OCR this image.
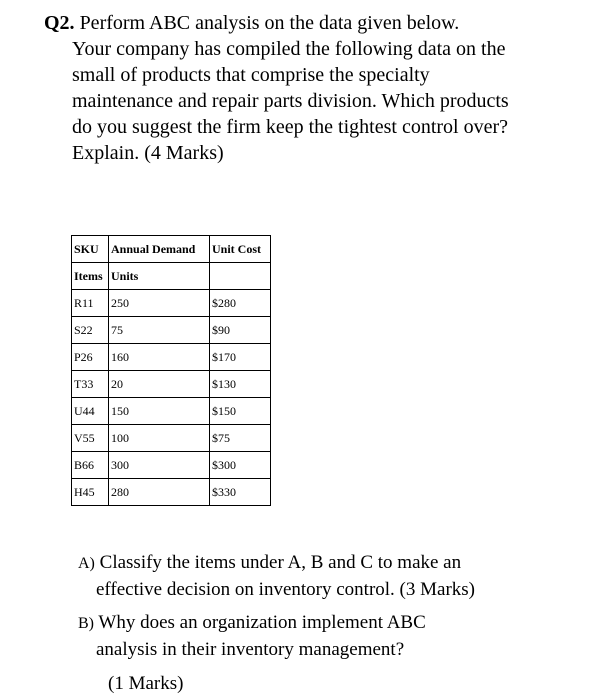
Q2. Perform ABC analysis on the data given below.
Your company has compiled the following data on the
small of products that comprise the specialty
maintenance and repair parts division. Which products
do you suggest the firm keep the tightest control over?
Explain. (4 Marks)
SKU	Annual Demand	Unit Cost
Items	Units	
R11	250	$280
S22	75	$90
P26	160	$170
T33	20	$130
U44	150	$150
V55	100	$75
B66	300	$300
H45	280	$330
A) Classify the items under A, B and C to make an
effective decision on inventory control. (3 Marks)
B) Why does an organization implement ABC
analysis in their inventory management?
(1 Marks)
